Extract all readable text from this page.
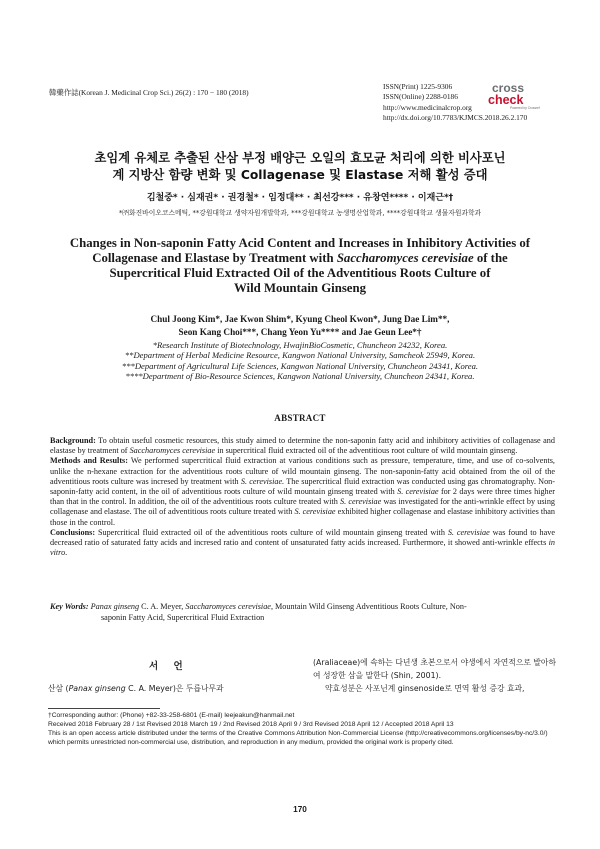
韓藥作誌(Korean J. Medicinal Crop Sci.) 26(2) : 170 − 180 (2018)
ISSN(Print) 1225-9306
ISSN(Online) 2288-0186
http://www.medicinalcrop.org
http://dx.doi.org/10.7783/KJMCS.2018.26.2.170
cross
check
Powered by Crossref
초임계 유체로 추출된 산삼 부정 배양근 오일의 효모균 처리에 의한 비사포닌
계 지방산 함량 변화 및 Collagenase 및 Elastase 저해 활성 증대
김철중* · 심재권* · 권경철* · 임정대** · 최선강*** · 유창연**** · 이재근*†
*㈜화진바이오코스메틱, **강원대학교 생약자원개발학과, ***강원대학교 농생명산업학과, ****강원대학교 생물자원과학과
Changes in Non-saponin Fatty Acid Content and Increases in Inhibitory Activities of
Collagenase and Elastase by Treatment with Saccharomyces cerevisiae of the
Supercritical Fluid Extracted Oil of the Adventitious Roots Culture of
Wild Mountain Ginseng
Chul Joong Kim*, Jae Kwon Shim*, Kyung Cheol Kwon*, Jung Dae Lim**,
Seon Kang Choi***, Chang Yeon Yu**** and Jae Geun Lee*†
*Research Institute of Biotechnology, HwajinBioCosmetic, Chuncheon 24232, Korea.
**Department of Herbal Medicine Resource, Kangwon National University, Samcheok 25949, Korea.
***Department of Agricultural Life Sciences, Kangwon National University, Chuncheon 24341, Korea.
****Department of Bio-Resource Sciences, Kangwon National University, Chuncheon 24341, Korea.
ABSTRACT

Background: To obtain useful cosmetic resources, this study aimed to determine the non-saponin fatty acid and inhibitory activities of collagenase and elastase by treatment of Saccharomyces cerevisiae in supercritical fluid extracted oil of the adventitious root culture of wild mountain ginseng.

Methods and Results: We performed supercritical fluid extraction at various conditions such as pressure, temperature, time, and use of co-solvents, unlike the n-hexane extraction for the adventitious roots culture of wild mountain ginseng. The non-saponin-fatty acid obtained from the oil of the adventitious roots culture was incresed by treatment with S. cerevisiae. The supercritical fluid extraction was conducted using gas chromatography. Non-saponin-fatty acid content, in the oil of adventitious roots culture of wild mountain ginseng treated with S. cerevisiae for 2 days were three times higher than that in the control. In addition, the oil of the adventitious roots culture treated with S. cerevisiae was investigated for the anti-wrinkle effect by using collagenase and elastase. The oil of adventitious roots culture treated with S. cerevisiae exhibited higher collagenase and elastase inhibitory activities than those in the control.

Conclusions: Supercritical fluid extracted oil of the adventitious roots culture of wild mountain ginseng treated with S. cerevisiae was found to have decreased ratio of saturated fatty acids and incresed ratio and content of unsaturated fatty acids increased. Furthermore, it showed anti-wrinkle effects in vitro.

Key Words: Panax ginseng C. A. Meyer, Saccharomyces cerevisiae, Mountain Wild Ginseng Adventitious Roots Culture, Non-
saponin Fatty Acid, Supercritical Fluid Extraction
서 언
산삼 (Panax ginseng C. A. Meyer)은 두릅나무과
(Araliaceae)에 속하는 다년생 초본으로서 야생에서 자연적으로 발아하여 성장한 삼을 말한다 (Shin, 2001).
약효성분은 사포닌계 ginsenoside로 면역 활성 증강 효과,

†Corresponding author: (Phone) +82-33-258-6801 (E-mail) leejeakun@hanmail.net

Received 2018 February 28 / 1st Revised 2018 March 19 / 2nd Revised 2018 April 9 / 3rd Revised 2018 April 12 / Accepted 2018 April 13

This is an open access article distributed under the terms of the Creative Commons Attribution Non-Commercial License (http://creativecommons.org/licenses/by-nc/3.0/) which permits unrestricted non-commercial use, distribution, and reproduction in any medium, provided the original work is properly cited.

170
